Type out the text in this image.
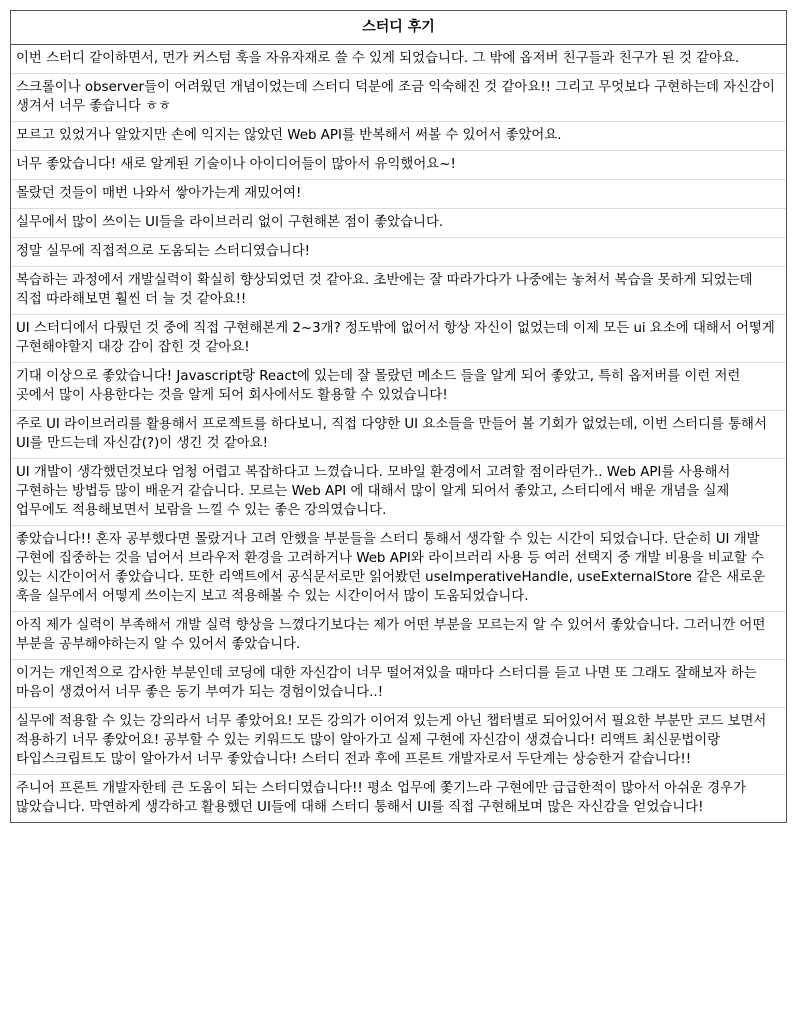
스터디 후기
이번 스터디 같이하면서, 먼가 커스텀 훅을 자유자재로 쓸 수 있게 되었습니다. 그 밖에 옵저버 친구들과 친구가 된 것 같아요.
스크롤이나 observer들이 어려웠던 개념이었는데 스터디 덕분에 조금 익숙해진 것 같아요!! 그리고 무엇보다 구현하는데 자신감이 생겨서 너무 좋습니다 ㅎㅎ
모르고 있었거나 알았지만 손에 익지는 않았던 Web API를 반복해서 써볼 수 있어서 좋았어요.
너무 좋았습니다! 새로 알게된 기술이나 아이디어들이 많아서 유익했어요~!
몰랐던 것들이 매번 나와서 쌓아가는게 재밌어여!
실무에서 많이 쓰이는 UI들을 라이브러리 없이 구현해본 점이 좋았습니다.
정말 실무에 직접적으로 도움되는 스터디였습니다!
복습하는 과정에서 개발실력이 확실히 향상되었던 것 같아요. 초반에는 잘 따라가다가 나중에는 놓쳐서 복습을 못하게 되었는데 직접 따라해보면 훨씬 더 늘 것 같아요!!
UI 스터디에서 다뤘던 것 중에 직접 구현해본게 2~3개? 정도밖에 없어서 항상 자신이 없었는데 이제 모든 ui 요소에 대해서 어떻게 구현해야할지 대강 감이 잡힌 것 같아요!
기대 이상으로 좋았습니다! Javascript랑 React에 있는데 잘 몰랐던 메소드 들을 알게 되어 좋았고, 특히 옵저버를 이런 저런 곳에서 많이 사용한다는 것을 알게 되어 회사에서도 활용할 수 있었습니다!
주로 UI 라이브러리를 활용해서 프로젝트를 하다보니, 직접 다양한 UI 요소들을 만들어 볼 기회가 없었는데, 이번 스터디를 통해서 UI를 만드는데 자신감(?)이 생긴 것 같아요!
UI 개발이 생각했던것보다 엄청 어렵고 복잡하다고 느꼈습니다. 모바일 환경에서 고려할 점이라던가.. Web API를 사용해서 구현하는 방법등 많이 배운거 같습니다. 모르는 Web API 에 대해서 많이 알게 되어서 좋았고, 스터디에서 배운 개념을 실제 업무에도 적용해보면서 보람을 느낄 수 있는 좋은 강의였습니다.
좋았습니다!! 혼자 공부했다면 몰랐거나 고려 안했을 부분들을 스터디 통해서 생각할 수 있는 시간이 되었습니다. 단순히 UI 개발 구현에 집중하는 것을 넘어서 브라우저 환경을 고려하거나 Web API와 라이브러리 사용 등 여러 선택지 중 개발 비용을 비교할 수 있는 시간이어서 좋았습니다. 또한 리액트에서 공식문서로만 읽어봤던 useImperativeHandle, useExternalStore 같은 새로운 훅을 실무에서 어떻게 쓰이는지 보고 적용해볼 수 있는 시간이어서 많이 도움되었습니다.
아직 제가 실력이 부족해서 개발 실력 향상을 느꼈다기보다는 제가 어떤 부분을 모르는지 알 수 있어서 좋았습니다. 그러니깐 어떤 부분을 공부해야하는지 알 수 있어서 좋았습니다.
이거는 개인적으로 감사한 부분인데 코딩에 대한 자신감이 너무 떨어져있을 때마다 스터디를 듣고 나면 또 그래도 잘해보자 하는 마음이 생겼어서 너무 좋은 동기 부여가 되는 경험이었습니다..!
실무에 적용할 수 있는 강의라서 너무 좋았어요! 모든 강의가 이어져 있는게 아닌 챕터별로 되어있어서 필요한 부분만 코드 보면서 적용하기 너무 좋았어요! 공부할 수 있는 키워드도 많이 알아가고 실제 구현에 자신감이 생겼습니다! 리액트 최신문법이랑 타입스크립트도 많이 알아가서 너무 좋았습니다! 스터디 전과 후에 프론트 개발자로서 두단계는 상승한거 같습니다!!
주니어 프론트 개발자한테 큰 도움이 되는 스터디였습니다!! 평소 업무에 쫓기느라 구현에만 급급한적이 많아서 아쉬운 경우가 많았습니다. 막연하게 생각하고 활용했던 UI들에 대해 스터디 통해서 UI를 직접 구현해보며 많은 자신감을 얻었습니다!
